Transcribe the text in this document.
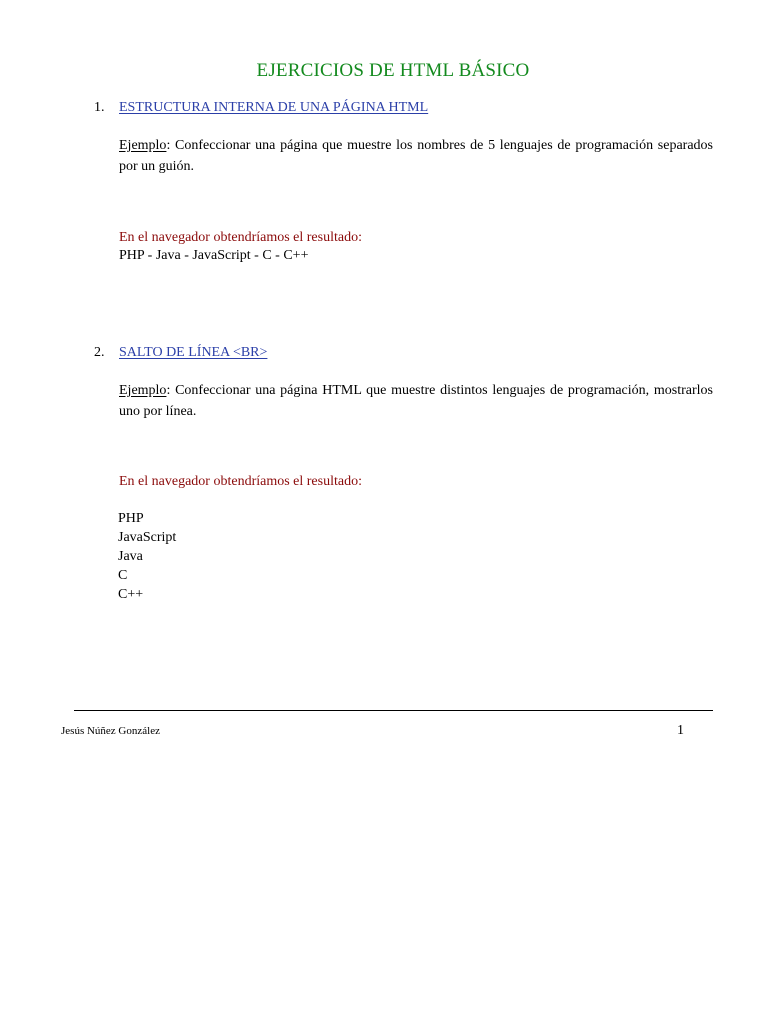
EJERCICIOS DE HTML BÁSICO
1. ESTRUCTURA INTERNA DE UNA PÁGINA HTML
Ejemplo: Confeccionar una página que muestre los nombres de 5 lenguajes de programación separados por un guión.
En el navegador obtendríamos el resultado:
PHP - Java - JavaScript - C - C++
2. SALTO DE LÍNEA <BR>
Ejemplo: Confeccionar una página HTML que muestre distintos lenguajes de programación, mostrarlos uno por línea.
En el navegador obtendríamos el resultado:
PHP
JavaScript
Java
C
C++
Jesús Núñez González	1
